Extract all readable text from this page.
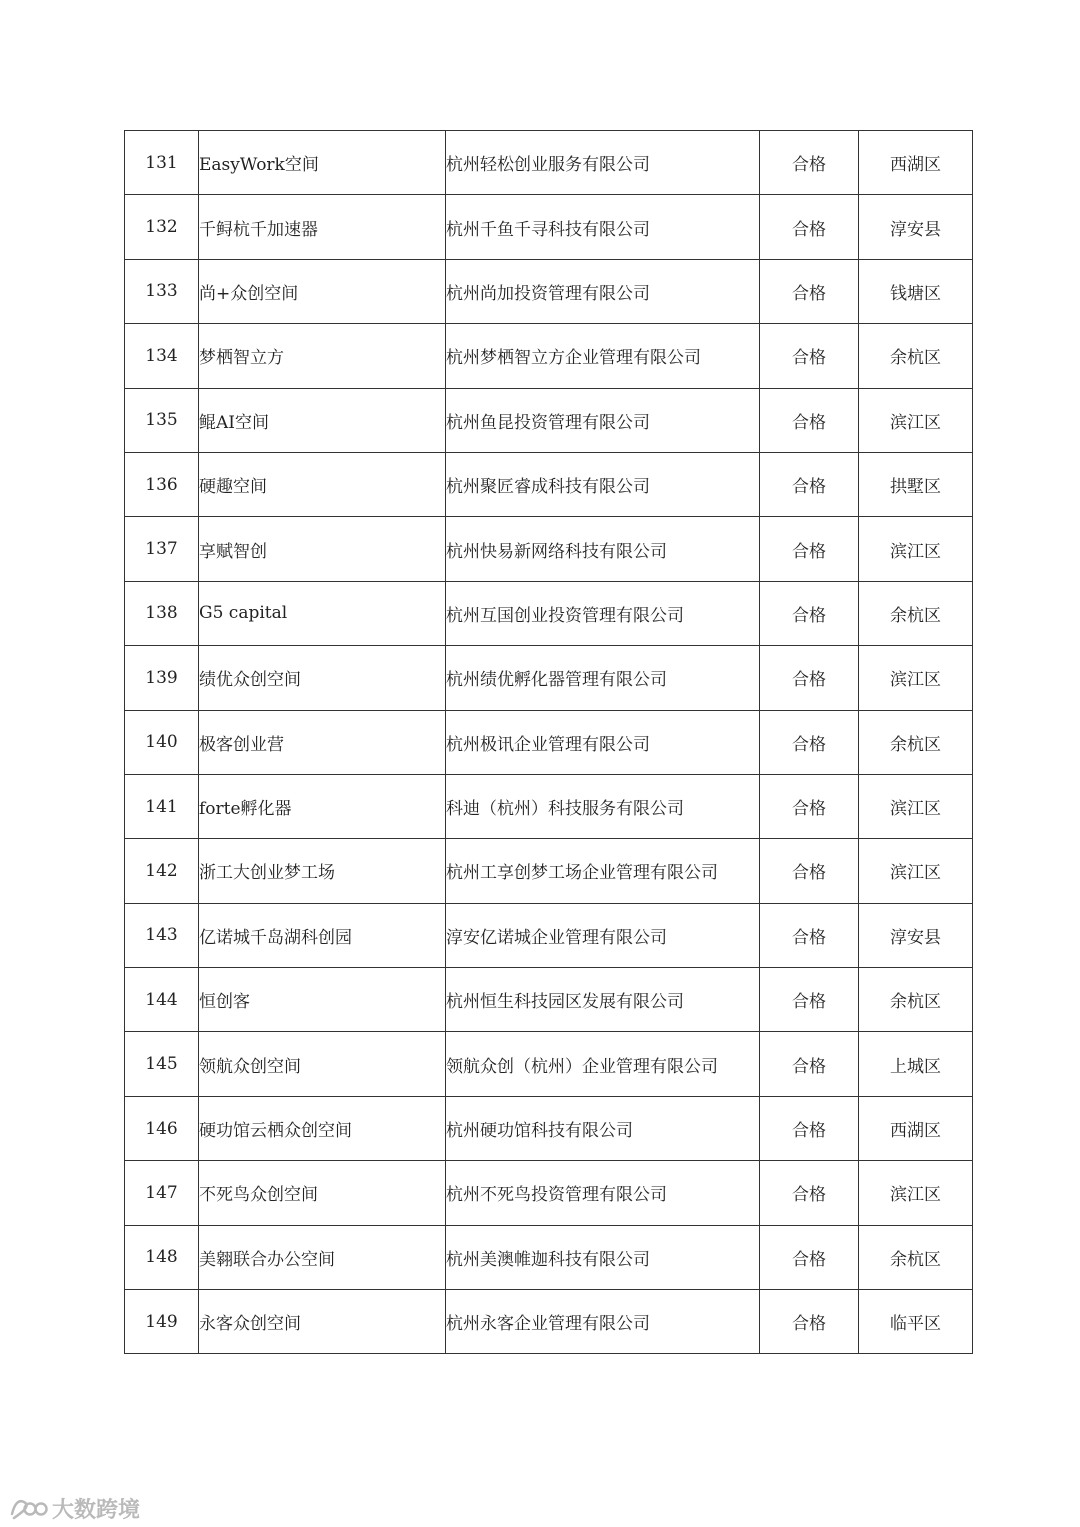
131	EasyWork空间	杭州轻松创业服务有限公司	合格	西湖区
132	千鲟杭千加速器	杭州千鱼千寻科技有限公司	合格	淳安县
133	尚+众创空间	杭州尚加投资管理有限公司	合格	钱塘区
134	梦栖智立方	杭州梦栖智立方企业管理有限公司	合格	余杭区
135	鲲AI空间	杭州鱼昆投资管理有限公司	合格	滨江区
136	硬趣空间	杭州聚匠睿成科技有限公司	合格	拱墅区
137	享赋智创	杭州快易新网络科技有限公司	合格	滨江区
138	G5 capital	杭州互国创业投资管理有限公司	合格	余杭区
139	绩优众创空间	杭州绩优孵化器管理有限公司	合格	滨江区
140	极客创业营	杭州极讯企业管理有限公司	合格	余杭区
141	forte孵化器	科迪（杭州）科技服务有限公司	合格	滨江区
142	浙工大创业梦工场	杭州工享创梦工场企业管理有限公司	合格	滨江区
143	亿诺城千岛湖科创园	淳安亿诺城企业管理有限公司	合格	淳安县
144	恒创客	杭州恒生科技园区发展有限公司	合格	余杭区
145	领航众创空间	领航众创（杭州）企业管理有限公司	合格	上城区
146	硬功馆云栖众创空间	杭州硬功馆科技有限公司	合格	西湖区
147	不死鸟众创空间	杭州不死鸟投资管理有限公司	合格	滨江区
148	美翱联合办公空间	杭州美澳帷迦科技有限公司	合格	余杭区
149	永客众创空间	杭州永客企业管理有限公司	合格	临平区
大数跨境
